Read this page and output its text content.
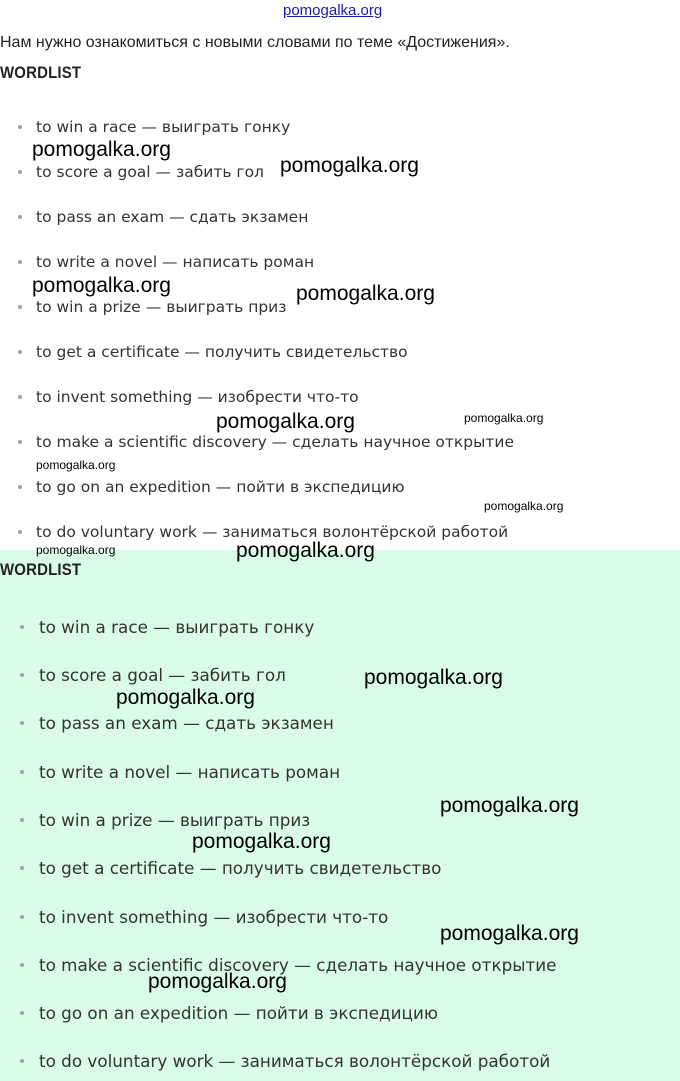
pomogalka.org

Нам нужно ознакомиться с новыми словами по теме «Достижения».

WORDLIST
to win a race — выиграть гонку
to score a goal — забить гол
to pass an exam — сдать экзамен
to write a novel — написать роман
to win a prize — выиграть приз
to get a certificate — получить свидетельство
to invent something — изобрести что-то
to make a scientific discovery — сделать научное открытие
to go on an expedition — пойти в экспедицию
to do voluntary work — заниматься волонтёрской работой
WORDLIST
to win a race — выиграть гонку
to score a goal — забить гол
to pass an exam — сдать экзамен
to write a novel — написать роман
to win a prize — выиграть приз
to get a certificate — получить свидетельство
to invent something — изобрести что-то
to make a scientific discovery — сделать научное открытие
to go on an expedition — пойти в экспедицию
to do voluntary work — заниматься волонтёрской работой
pomogalka.org
pomogalka.org
pomogalka.org	pomogalka.org
pomogalka.org	pomogalka.org
pomogalka.org
pomogalka.org
pomogalka.org	pomogalka.org
pomogalka.org
pomogalka.org
pomogalka.org
pomogalka.org
pomogalka.org
pomogalka.org
